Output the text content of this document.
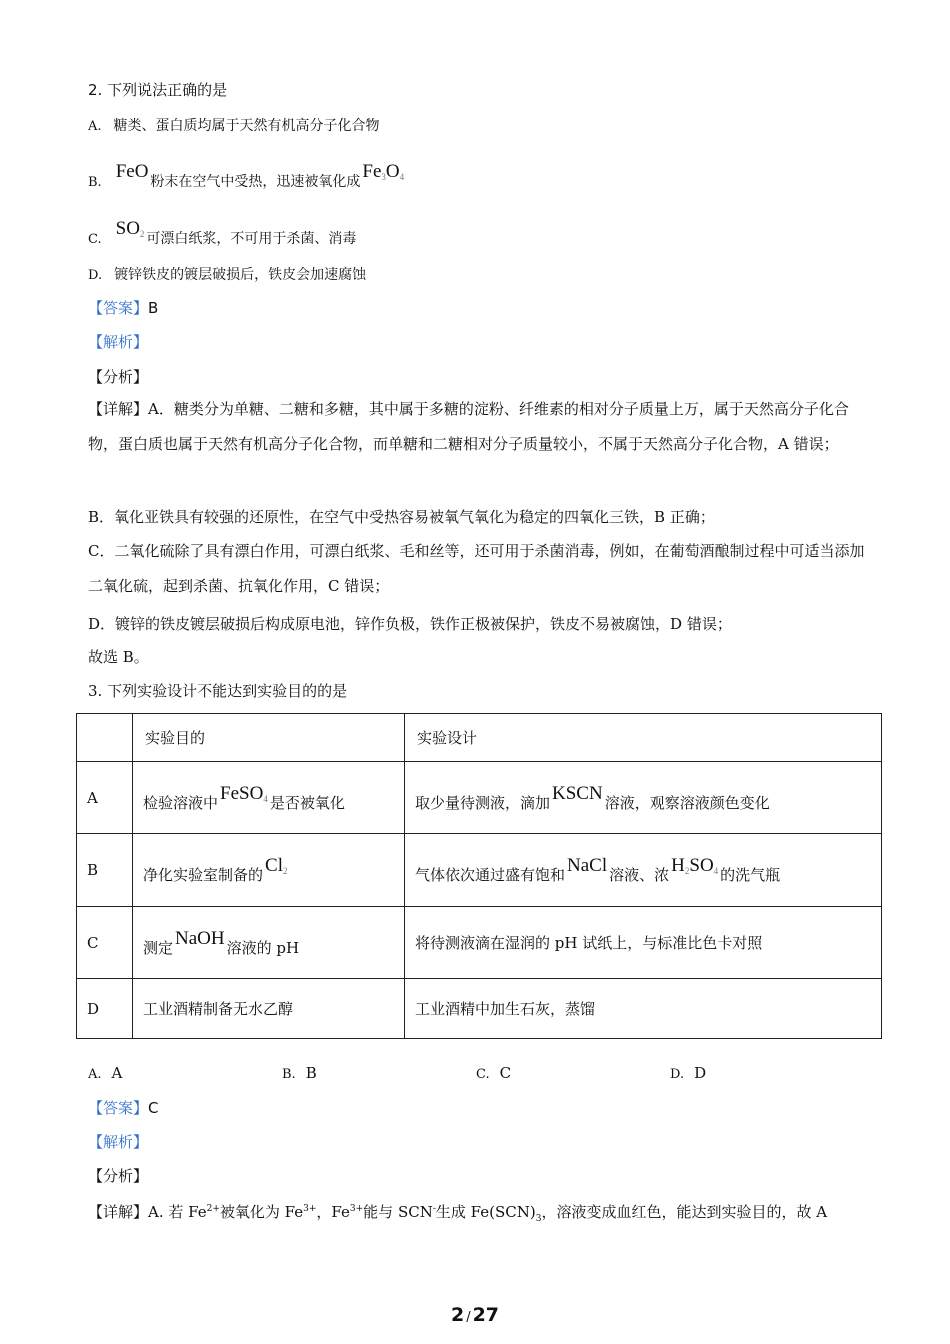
2. 下列说法正确的是
A. 糖类、蛋白质均属于天然有机高分子化合物
B.FeO 粉末在空气中受热，迅速被氧化成 $Fe_3O_4$
$C.SO_2$ 可漂白纸浆，不可用于杀菌、消毒
D. 镀锌铁皮的镀层破损后，铁皮会加速腐蚀
【答案】B
【解析】
【分析】
【详解】A．糖类分为单糖、二糖和多糖，其中属于多糖的淀粉、纤维素的相对分子质量上万，属于天然高分子化合物，蛋白质也属于天然有机高分子化合物，而单糖和二糖相对分子质量较小，不属于天然高分子化合物，A 错误；
B．氧化亚铁具有较强的还原性，在空气中受热容易被氧气氧化为稳定的四氧化三铁，B 正确；
C．二氧化硫除了具有漂白作用，可漂白纸浆、毛和丝等，还可用于杀菌消毒，例如，在葡萄酒酿制过程中可适当添加二氧化硫，起到杀菌、抗氧化作用，C 错误；
D．镀锌的铁皮镀层破损后构成原电池，锌作负极，铁作正极被保护，铁皮不易被腐蚀，D 错误；
故选 B。
3. 下列实验设计不能达到实验目的的是
	实验目的	实验设计
A	检验溶液中 FeSO$_4$ 是否被氧化	取少量待测液，滴加 KSCN 溶液，观察溶液颜色变化
B	净化实验室制备的 $Cl_2$	气体依次通过盛有饱和 NaCl 溶液、浓 $H_2SO_4$ 的洗气瓶
C	测定 NaOH 溶液的 pH	将待测液滴在湿润的 pH 试纸上，与标准比色卡对照
D	工业酒精制备无水乙醇	工业酒精中加生石灰，蒸馏
A. A	B. B	C. C	D. D
【答案】C
【解析】
【分析】
【详解】A. 若 $Fe^{2+}$被氧化为 $Fe^{3+}$，$Fe^{3+}$能与 SCN-生成 $Fe(SCN)_3$，溶液变成血红色，能达到实验目的，故 A
2 / 27
